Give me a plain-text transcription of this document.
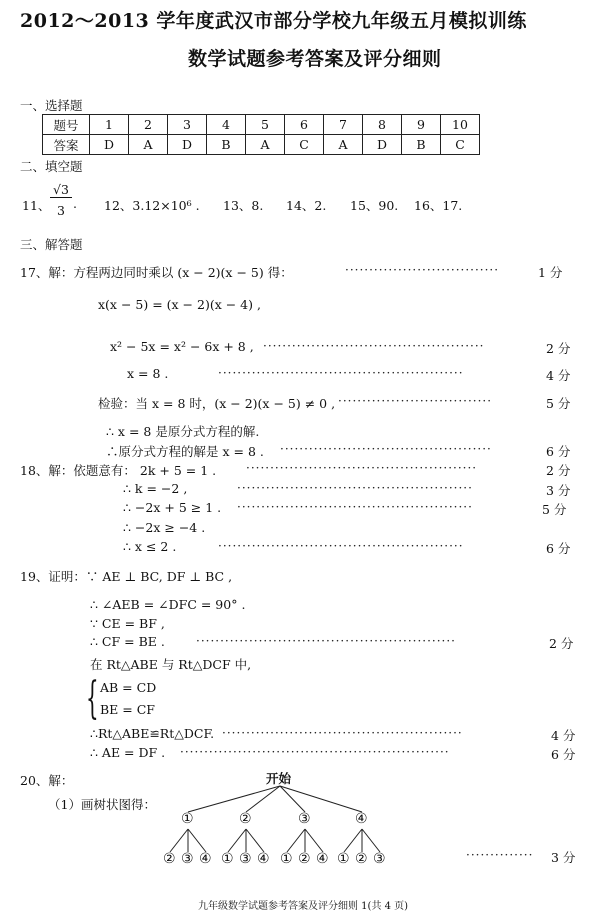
2012～2013 学年度武汉市部分学校九年级五月模拟训练
数学试题参考答案及评分细则
一、选择题
题号	1	2	3	4	5	6	7	8	9	10
答案	D	A	D	B	A	C	A	D	B	C
二、填空题
11、
√3
3 . 12、3.12×10⁶ . 13、8. 14、2. 15、90. 16、17.
三、解答题
17、解：方程两边同时乘以 (x − 2)(x − 5) 得：	································	1 分
x(x − 5) = (x − 2)(x − 4) ,
x² − 5x = x² − 6x + 8 , ··············································	2 分
x = 8 .	···················································	4 分
检验：当 x = 8 时，(x − 2)(x − 5) ≠ 0 , ································	5 分
∴ x = 8 是原分式方程的解.
∴原分式方程的解是 x = 8 . ············································	6 分
18、解：依题意有： 2k + 5 = 1 . ················································	2 分
∴ k = −2 ,	·················································	3 分
∴ −2x + 5 ≥ 1 . ·················································	5 分
∴ −2x ≥ −4 .
∴ x ≤ 2 .	···················································	6 分
19、证明：∵ AE ⊥ BC, DF ⊥ BC ,
∴ ∠AEB = ∠DFC = 90° .
∵ CE = BF ,
∴ CF = BE .	······················································	2 分
在 Rt△ABE 与 Rt△DCF 中,
{ AB = CD
BE = CF
∴Rt△ABE≌Rt△DCF. ··················································	4 分
∴ AE = DF . ························································	6 分
20、解：
（1）画树状图得：
开始
①	②	③	④
② ③ ④ ① ③ ④ ① ② ④ ① ② ③	·············· 3 分
九年级数学试题参考答案及评分细则 1(共 4 页)
